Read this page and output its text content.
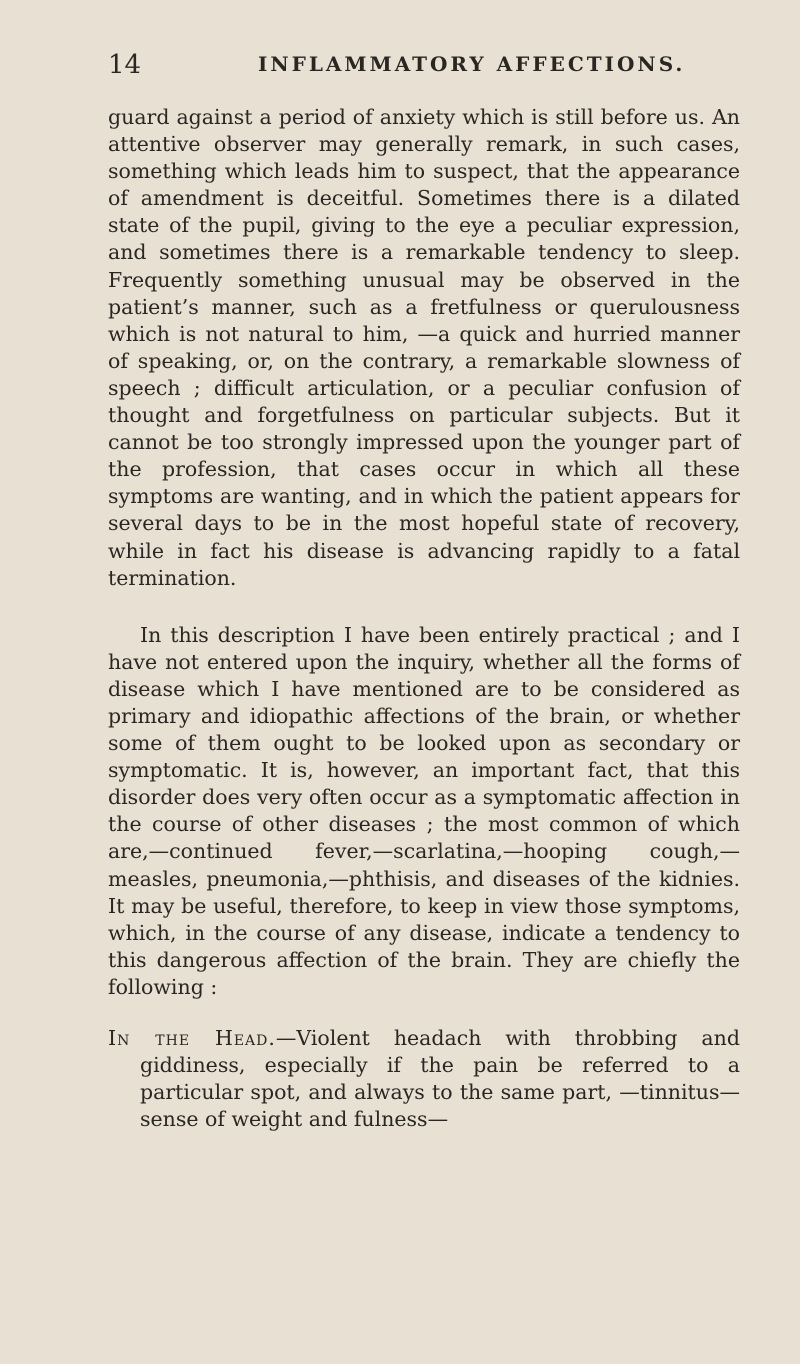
14	INFLAMMATORY AFFECTIONS.

guard against a period of anxiety which is still before us. An attentive observer may generally remark, in such cases, something which leads him to suspect, that the appearance of amendment is deceitful. Sometimes there is a dilated state of the pupil, giving to the eye a peculiar expression, and sometimes there is a remarkable tendency to sleep. Frequently something unusual may be observed in the patient’s manner, such as a fretfulness or querulousness which is not natural to him, —a quick and hurried manner of speaking, or, on the contrary, a remarkable slowness of speech ; difficult articulation, or a peculiar confusion of thought and forgetfulness on particular subjects. But it cannot be too strongly impressed upon the younger part of the profession, that cases occur in which all these symptoms are wanting, and in which the patient appears for several days to be in the most hopeful state of recovery, while in fact his disease is advancing rapidly to a fatal termination.

In this description I have been entirely practical ; and I have not entered upon the inquiry, whether all the forms of disease which I have mentioned are to be considered as primary and idiopathic affections of the brain, or whether some of them ought to be looked upon as secondary or symptomatic. It is, however, an important fact, that this disorder does very often occur as a symptomatic affection in the course of other diseases ; the most common of which are,—continued fever,—scarlatina,—hooping cough,—measles, pneumonia,—phthisis, and diseases of the kidnies. It may be useful, therefore, to keep in view those symptoms, which, in the course of any disease, indicate a tendency to this dangerous affection of the brain. They are chiefly the following :

In the Head.—Violent headach with throbbing and giddiness, especially if the pain be referred to a particular spot, and always to the same part, —tinnitus—sense of weight and fulness—
